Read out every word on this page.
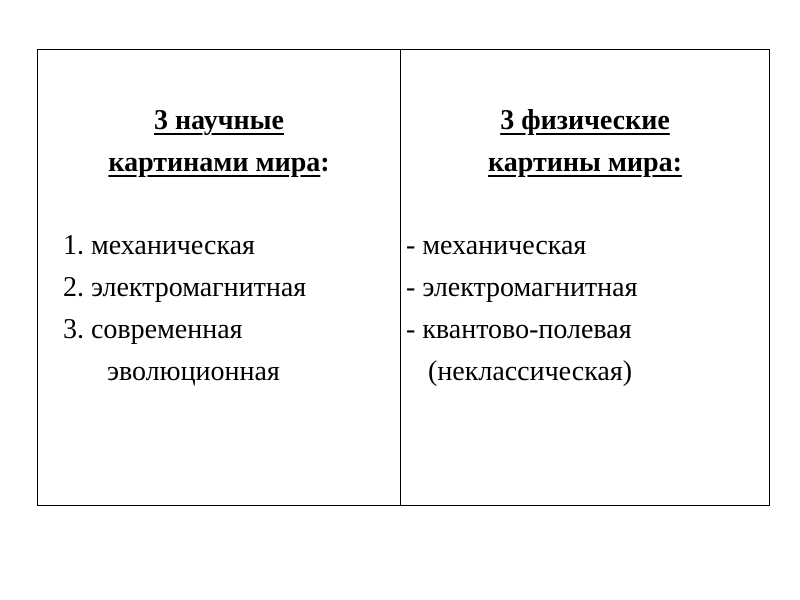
3 научные
картинами мира:
1. механическая
2. электромагнитная
3. современная
эволюционная
3 физические
картины мира:
- механическая
- электромагнитная
- квантово-полевая
(неклассическая)
